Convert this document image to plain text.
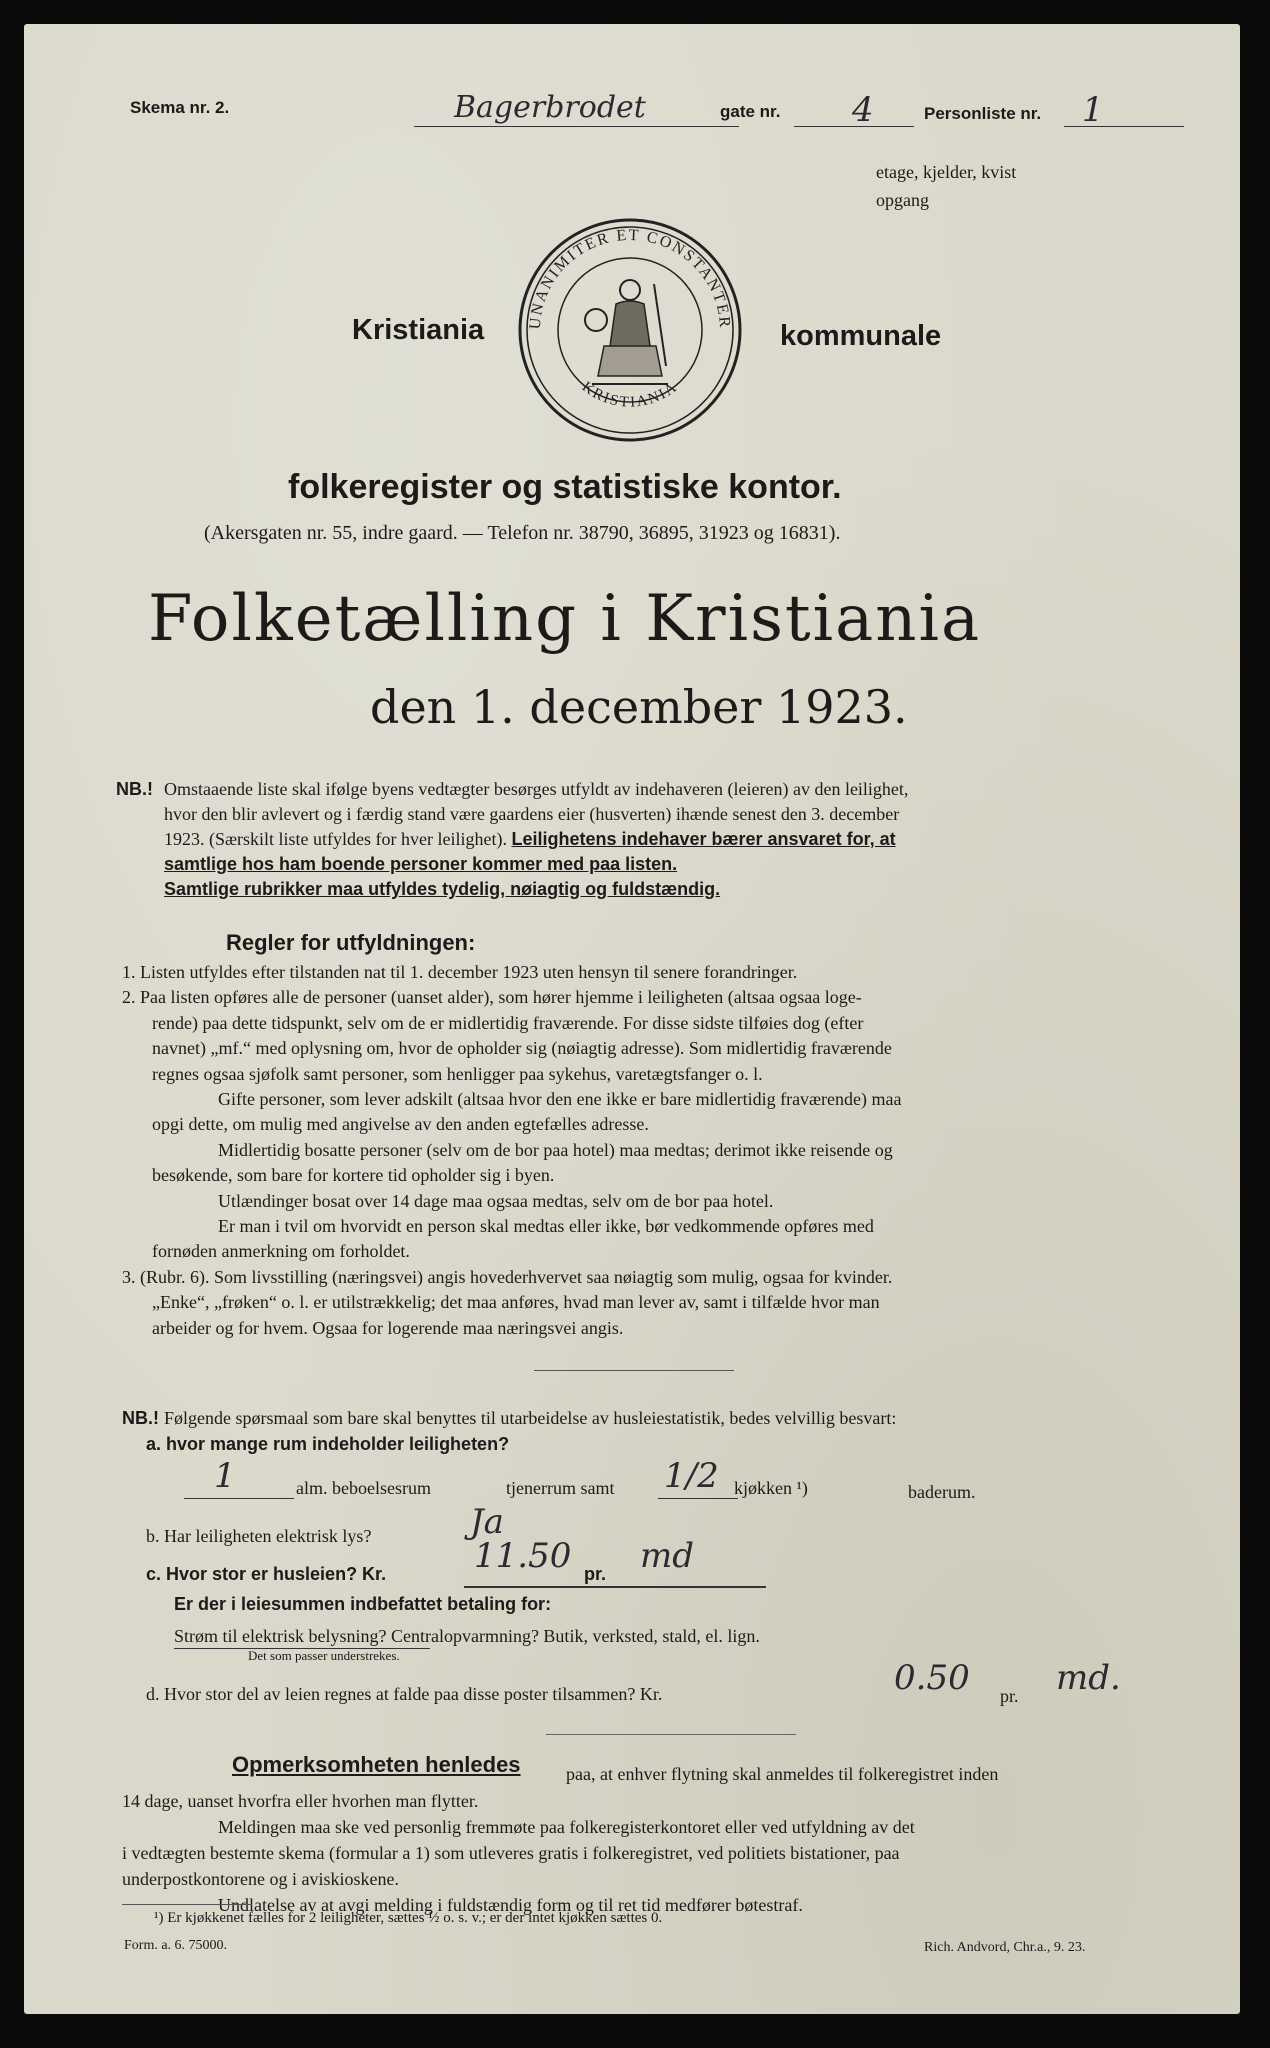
Skema nr. 2.	Bagerbrodet	gate nr. 4	Personliste nr. 1
etage, kjelder, kvist
opgang
Kristiania	UNANIMITER ET CONSTANTER
KRISTIANIA
kommunale
folkeregister og statistiske kontor.
(Akersgaten nr. 55, indre gaard. — Telefon nr. 38790, 36895, 31923 og 16831).
Folketælling i Kristiania
den 1. december 1923.
NB.! Omstaaende liste skal ifølge byens vedtægter besørges utfyldt av indehaveren (leieren) av den leilighet,

hvor den blir avlevert og i færdig stand være gaardens eier (husverten) ihænde senest den 3. december

1923. (Særskilt liste utfyldes for hver leilighet). Leilighetens indehaver bærer ansvaret for, at

samtlige hos ham boende personer kommer med paa listen.

Samtlige rubrikker maa utfyldes tydelig, nøiagtig og fuldstændig.

Regler for utfyldningen:

1. Listen utfyldes efter tilstanden nat til 1. december 1923 uten hensyn til senere forandringer.

2. Paa listen opføres alle de personer (uanset alder), som hører hjemme i leiligheten (altsaa ogsaa loge-

rende) paa dette tidspunkt, selv om de er midlertidig fraværende. For disse sidste tilføies dog (efter

navnet) „mf.“ med oplysning om, hvor de opholder sig (nøiagtig adresse). Som midlertidig fraværende

regnes ogsaa sjøfolk samt personer, som henligger paa sykehus, varetægtsfanger o. l.

Gifte personer, som lever adskilt (altsaa hvor den ene ikke er bare midlertidig fraværende) maa

opgi dette, om mulig med angivelse av den anden egtefælles adresse.

Midlertidig bosatte personer (selv om de bor paa hotel) maa medtas; derimot ikke reisende og

besøkende, som bare for kortere tid opholder sig i byen.

Utlændinger bosat over 14 dage maa ogsaa medtas, selv om de bor paa hotel.

Er man i tvil om hvorvidt en person skal medtas eller ikke, bør vedkommende opføres med

fornøden anmerkning om forholdet.

3. (Rubr. 6). Som livsstilling (næringsvei) angis hovederhvervet saa nøiagtig som mulig, ogsaa for kvinder.

„Enke“, „frøken“ o. l. er utilstrækkelig; det maa anføres, hvad man lever av, samt i tilfælde hvor man

arbeider og for hvem. Ogsaa for logerende maa næringsvei angis.

NB.! Følgende spørsmaal som bare skal benyttes til utarbeidelse av husleiestatistik, bedes velvillig besvart:
a. hvor mange rum indeholder leiligheten?
1	alm. beboelsesrum	tjenerrum samt 1/2 kjøkken ¹)	baderum.
b. Har leiligheten elektrisk lys?	Ja
c. Hvor stor er husleien? Kr.	11.50 pr. md
Er der i leiesummen indbefattet betaling for:
Strøm til elektrisk belysning? Centralopvarmning? Butik, verksted, stald, el. lign.
Det som passer understrekes.
d. Hvor stor del av leien regnes at falde paa disse poster tilsammen? Kr.	0.50 pr. md.
Opmerksomheten henledes	paa, at enhver flytning skal anmeldes til folkeregistret inden

14 dage, uanset hvorfra eller hvorhen man flytter.

Meldingen maa ske ved personlig fremmøte paa folkeregisterkontoret eller ved utfyldning av det

i vedtægten bestemte skema (formular a 1) som utleveres gratis i folkeregistret, ved politiets bistationer, paa

underpostkontorene og i aviskioskene.

Undlatelse av at avgi melding i fuldstændig form og til ret tid medfører bøtestraf.

¹) Er kjøkkenet fælles for 2 leiligheter, sættes ½ o. s. v.; er der intet kjøkken sættes 0.
Form. a. 6. 75000.	Rich. Andvord, Chr.a., 9. 23.
